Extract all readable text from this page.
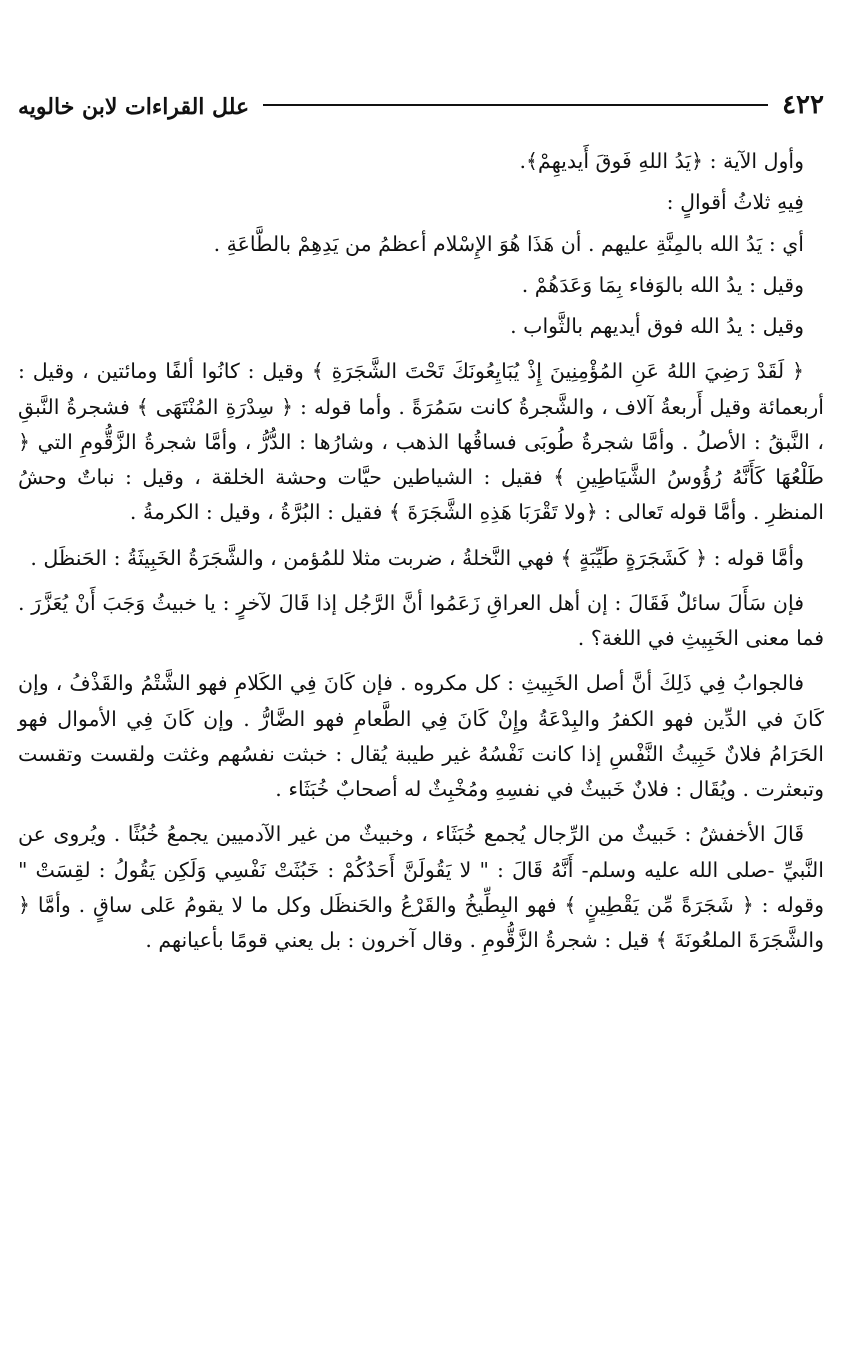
٤٢٢
علل القراءات لابن خالويه

وأول الآية : ﴿يَدُ اللهِ فَوقَ أَيديهِمْ﴾.

فِيهِ ثلاثُ أقوالٍ :

أي : يَدُ الله بالمِنَّةِ عليهم . أن هَذَا هُوَ الإِسْلام أعظمُ من يَدِهِمْ بالطَّاعَةِ .

وقيل : يدُ الله بالوَفاء بِمَا وَعَدَهُمْ .

وقيل : يدُ الله فوق أيديهم بالثَّواب .

﴿ لَقَدْ رَضِيَ اللهُ عَنِ المُؤْمِنِينَ إِذْ يُبَايِعُونَكَ تَحْتَ الشَّجَرَةِ ﴾ وقيل : كانُوا ألفًا ومائتين ، وقيل : أربعمائة وقيل أَربعةُ آلاف ، والشَّجرةُ كانت سَمُرَةً . وأما قوله : ﴿ سِدْرَةِ المُنْتَهَى ﴾ فشجرةُ النَّبقِ ، النَّبقُ : الأصلُ . وأمَّا شجرةُ طُوبَى فساقُها الذهب ، وشارُها : الدُّرُّ ، وأمَّا شجرةُ الزَّقُّومِ التي ﴿ طَلْعُهَا كَأَنَّهُ رُؤُوسُ الشَّيَاطِينِ ﴾ فقيل : الشياطين حيَّات وحشة الخلقة ، وقيل : نباتٌ وحشُ المنظرِ . وأمَّا قوله تَعالى : ﴿ولا تَقْرَبَا هَذِهِ الشَّجَرَةَ ﴾ فقيل : البُرَّةُ ، وقيل : الكرمةُ .

وأمَّا قوله : ﴿ كَشَجَرَةٍ طَيِّبَةٍ ﴾ فهي النَّخلةُ ، ضربت مثلا للمُؤمن ، والشَّجَرَةُ الخَبِيثَةُ : الحَنظَل .

فإن سَأَلَ سائلٌ فَقَالَ : إن أهل العراقِ زَعَمُوا أنَّ الرَّجُل إذا قَالَ لآخرٍ : يا خبيثُ وَجَبَ أَنْ يُعَزَّرَ . فما معنى الخَبِيثِ في اللغة؟ .

فالجوابُ فِي ذَلِكَ أنَّ أصل الخَبِيثِ : كل مكروه . فإن كَانَ فِي الكَلامِ فهو الشَّتْمُ والقَذْفُ ، وإن كَانَ في الدِّين فهو الكفرُ والبِدْعَةُ وإِنْ كَانَ فِي الطَّعامِ فهو الضَّارُّ . وإن كَانَ فِي الأموال فهو الحَرَامُ فلانٌ خَبِيثُ النَّفْسِ إذا كانت نَفْسُهُ غير طيبة يُقال : خبثت نفسُهم وغثت ولقست وتقست وتبعثرت . ويُقَال : فلانٌ خَبيثٌ في نفسِهِ ومُخْبِثٌ له أصحابٌ خُبَثَاء .

قَالَ الأخفشُ : خَبيثٌ من الرِّجال يُجمع خُبَثَاء ، وخبيثٌ من غير الآدميين يجمعُ خُبُثًا . ويُروى عن النَّبيِّ -صلى الله عليه وسلم- أَنَّهُ قَالَ : " لا يَقُولَنَّ أَحَدُكُمْ : خَبُثَتْ نَفْسِي وَلَكِن يَقُولُ : لقِسَتْ " وقوله : ﴿ شَجَرَةً مِّن يَقْطِينٍ ﴾ فهو البِطِّيخُ والقَرْعُ والحَنظَل وكل ما لا يقومُ عَلى ساقٍ . وأمَّا ﴿ والشَّجَرَةَ الملعُونَةَ ﴾ قيل : شجرةُ الزَّقُّومِ . وقال آخرون : بل يعني قومًا بأعيانهم .
